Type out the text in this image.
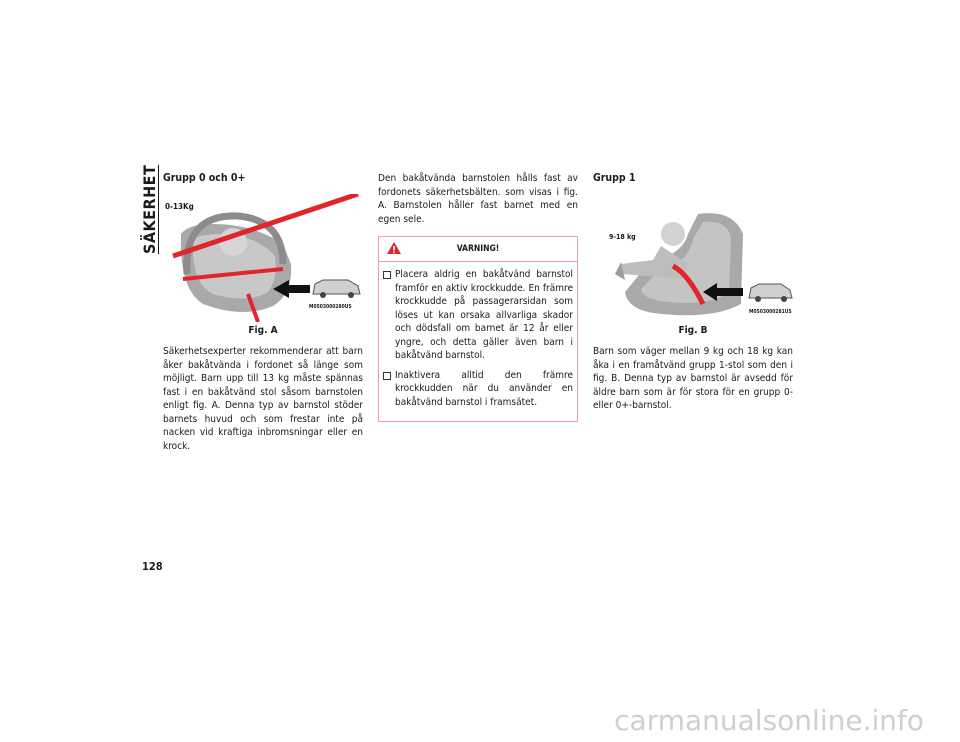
SÄKERHET Grupp 0 och 0+
0-13Kg
M0503000280US
Fig. A

Säkerhetsexperter rekommenderar att barn åker bakåtvända i fordonet så länge som möjligt. Barn upp till 13 kg måste spännas fast i en bakåtvänd stol såsom barnstolen enligt fig. A. Denna typ av barnstol stöder barnets huvud och som frestar inte på nacken vid kraftiga inbromsningar eller en krock.

Den bakåtvända barnstolen hålls fast av fordonets säkerhetsbälten. som visas i fig. A. Barnstolen håller fast barnet med en egen sele.

VARNING!
Placera aldrig en bakåtvänd barnstol framför en aktiv krockkudde. En främre krockkudde på passagerarsidan som löses ut kan orsaka allvarliga skador och dödsfall om barnet är 12 år eller yngre, och detta gäller även barn i bakåtvänd barnstol.
Inaktivera alltid den främre krockkudden när du använder en bakåtvänd barnstol i framsätet.
Grupp 1
9-18 kg
M0503000281US
Fig. B

Barn som väger mellan 9 kg och 18 kg kan åka i en framåtvänd grupp 1-stol som den i fig. B. Denna typ av barnstol är avsedd för äldre barn som är för stora för en grupp 0- eller 0+-barnstol.

128
carmanualsonline.info
